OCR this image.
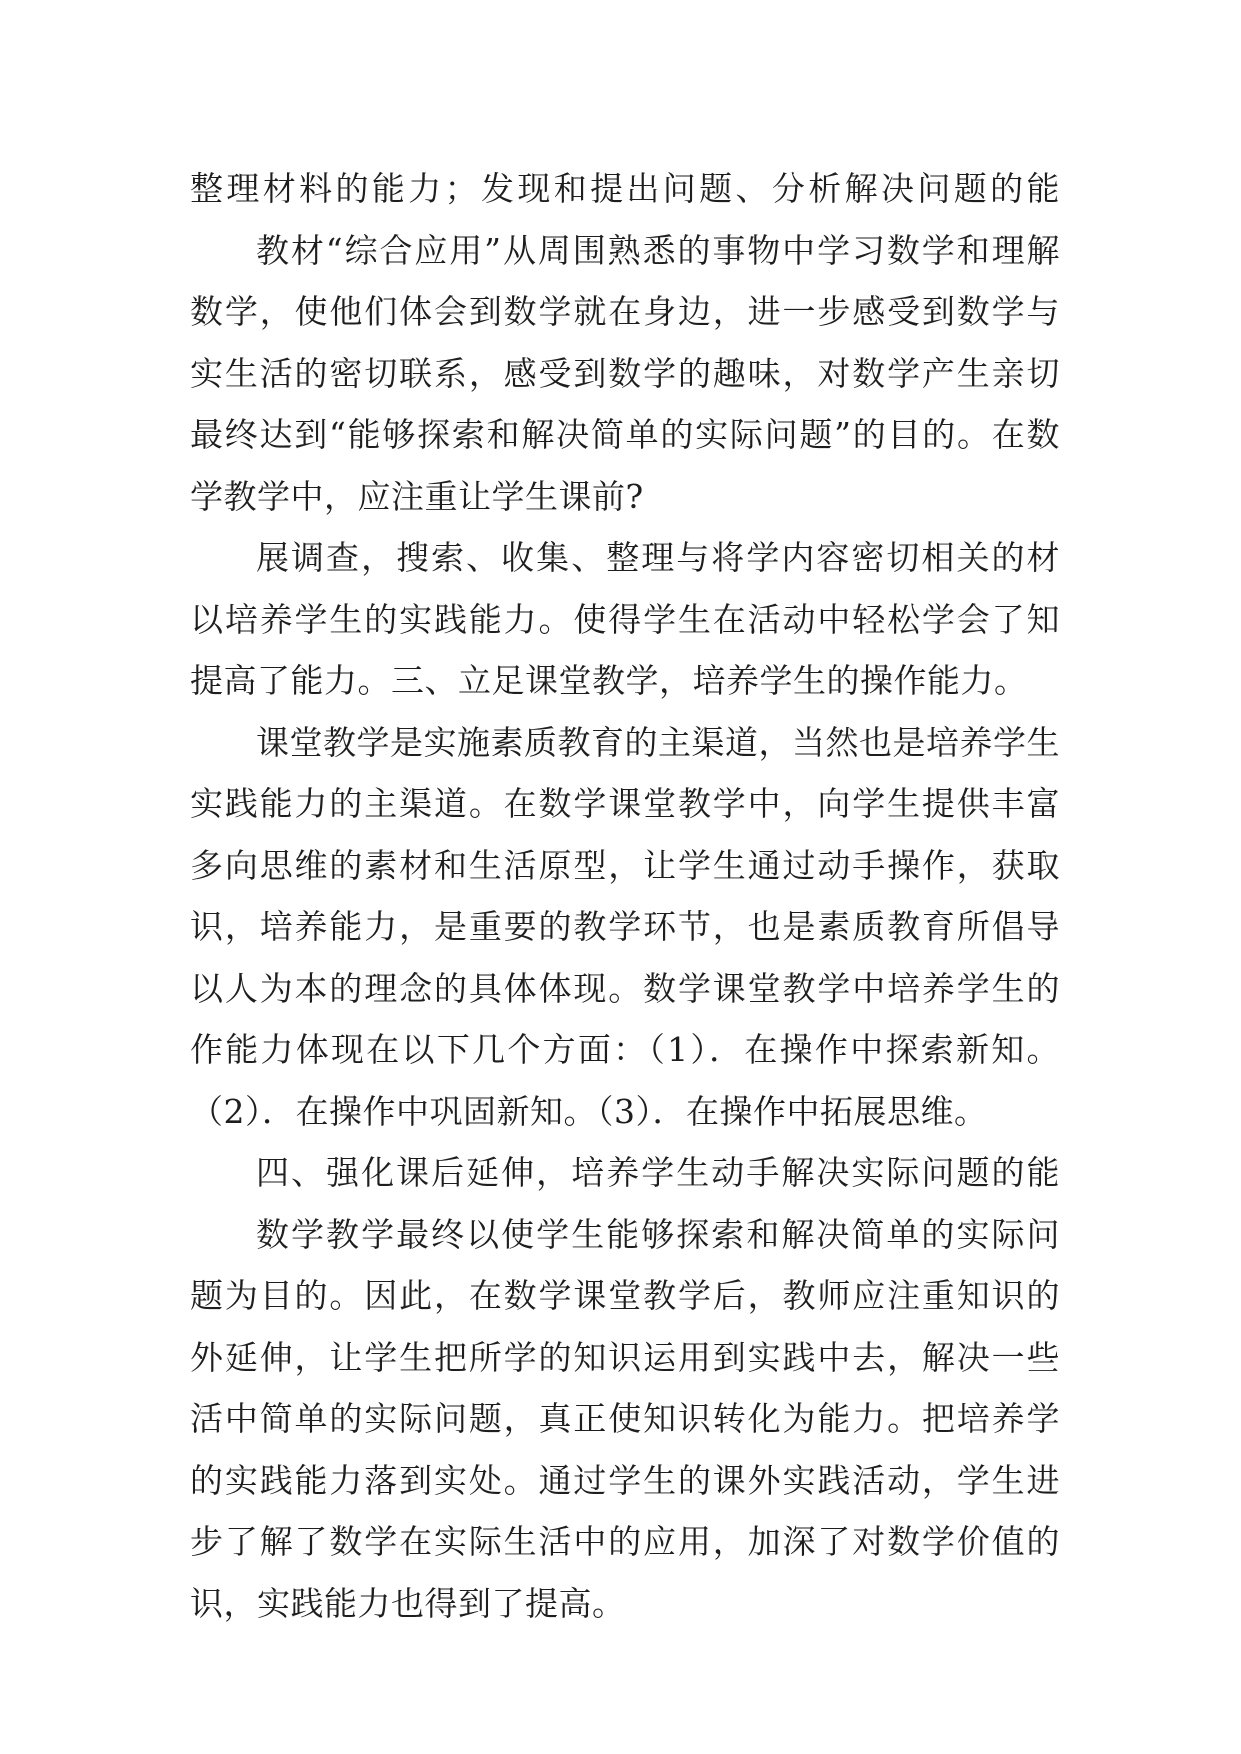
整理材料的能力；发现和提出问题、分析解决问题的能
教材“综合应用”从周围熟悉的事物中学习数学和理解
数学，使他们体会到数学就在身边，进一步感受到数学与
实生活的密切联系，感受到数学的趣味，对数学产生亲切
最终达到“能够探索和解决简单的实际问题”的目的。在数
学教学中，应注重让学生课前?
展调查，搜索、收集、整理与将学内容密切相关的材
以培养学生的实践能力。使得学生在活动中轻松学会了知
提高了能力。三、立足课堂教学，培养学生的操作能力。
课堂教学是实施素质教育的主渠道，当然也是培养学生
实践能力的主渠道。在数学课堂教学中，向学生提供丰富
多向思维的素材和生活原型，让学生通过动手操作，获取
识，培养能力，是重要的教学环节，也是素质教育所倡导
以人为本的理念的具体体现。数学课堂教学中培养学生的
作能力体现在以下几个方面：（1）．在操作中探索新知。
（2）．在操作中巩固新知。（3）．在操作中拓展思维。
四、强化课后延伸，培养学生动手解决实际问题的能
数学教学最终以使学生能够探索和解决简单的实际问
题为目的。因此，在数学课堂教学后，教师应注重知识的
外延伸，让学生把所学的知识运用到实践中去，解决一些
活中简单的实际问题，真正使知识转化为能力。把培养学
的实践能力落到实处。通过学生的课外实践活动，学生进
步了解了数学在实际生活中的应用，加深了对数学价值的
识，实践能力也得到了提高。
